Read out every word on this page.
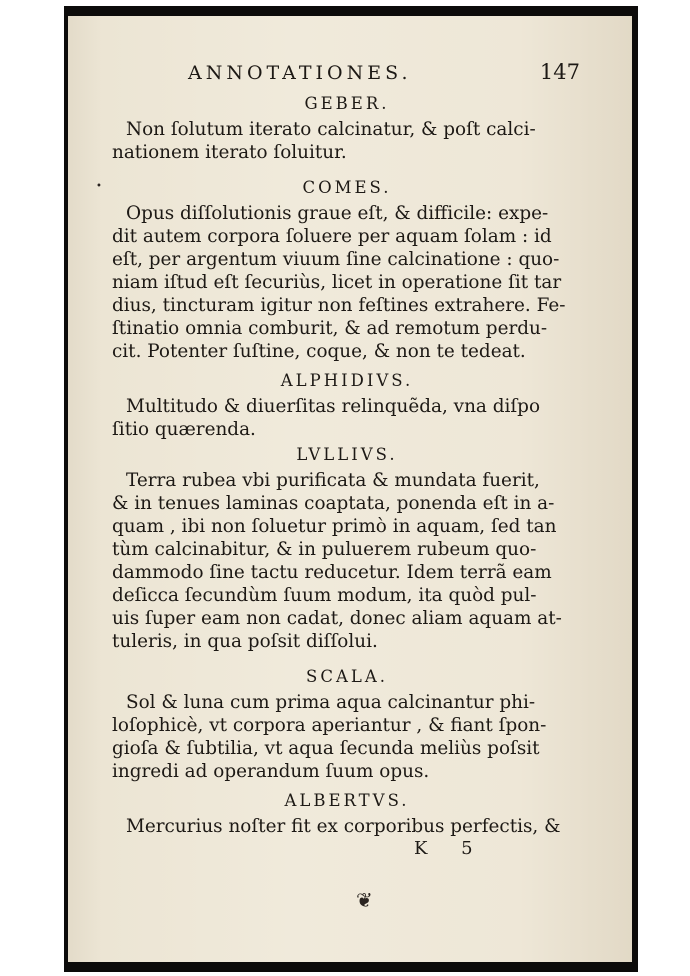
ANNOTATIONES.	147
GEBER.
Non ſolutum iterato calcinatur, & poſt calci-
nationem iterato ſoluitur.
COMES.
Opus diſſolutionis graue eſt, & difficile: expe-
dit autem corpora ſoluere per aquam ſolam : id
eſt, per argentum viuum ſine calcinatione : quo-
niam iſtud eſt ſecuriùs, licet in operatione ſit tar
dius, tincturam igitur non feſtines extrahere. Fe-
ſtinatio omnia comburit, & ad remotum perdu-
cit. Potenter ſuſtine, coque, & non te tedeat.
ALPHIDIVS.
Multitudo & diuerſitas relinquẽda, vna diſpo
ſitio quærenda.
LVLLIVS.
Terra rubea vbi purificata & mundata fuerit,
& in tenues laminas coaptata, ponenda eſt in a-
quam , ibi non ſoluetur primò in aquam, ſed tan
tùm calcinabitur, & in puluerem rubeum quo-
dammodo ſine tactu reducetur. Idem terrã eam
deſicca ſecundùm ſuum modum, ita quòd pul-
uis ſuper eam non cadat, donec aliam aquam at-
tuleris, in qua poſsit diſſolui.
SCALA.
Sol & luna cum prima aqua calcinantur phi-
loſophicè, vt corpora aperiantur , & fiant ſpon-
gioſa & ſubtilia, vt aqua ſecunda meliùs poſsit
ingredi ad operandum ſuum opus.
ALBERTVS.
Mercurius noſter fit ex corporibus perfectis, &
K 5
•
❦
